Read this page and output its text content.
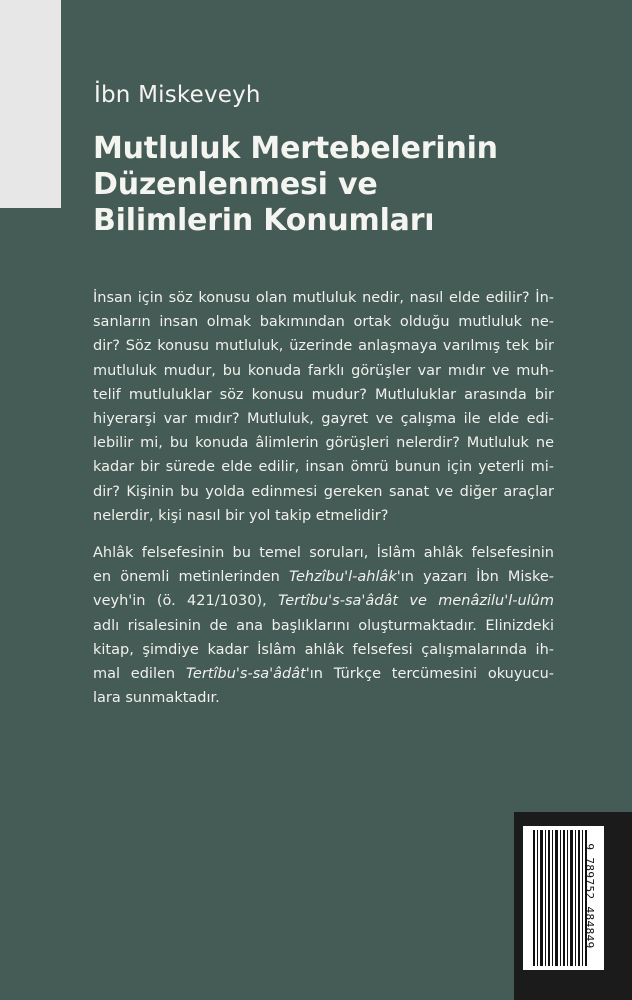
İbn Miskeveyh
Mutluluk Mertebelerinin
Düzenlenmesi ve
Bilimlerin Konumları

İnsan için söz konusu olan mutluluk nedir, nasıl elde edilir? İn-
sanların insan olmak bakımından ortak olduğu mutluluk ne-
dir? Söz konusu mutluluk, üzerinde anlaşmaya varılmış tek bir
mutluluk mudur, bu konuda farklı görüşler var mıdır ve muh-
telif mutluluklar söz konusu mudur? Mutluluklar arasında bir
hiyerarşi var mıdır? Mutluluk, gayret ve çalışma ile elde edi-
lebilir mi, bu konuda âlimlerin görüşleri nelerdir? Mutluluk ne
kadar bir sürede elde edilir, insan ömrü bunun için yeterli mi-
dir? Kişinin bu yolda edinmesi gereken sanat ve diğer araçlar
nelerdir, kişi nasıl bir yol takip etmelidir?

Ahlâk felsefesinin bu temel soruları, İslâm ahlâk felsefesinin
en önemli metinlerinden Tehzîbu'l-ahlâk'ın yazarı İbn Miske-
veyh'in (ö. 421/1030), Tertîbu's-sa'âdât ve menâzilu'l-ulûm
adlı risalesinin de ana başlıklarını oluşturmaktadır. Elinizdeki
kitap, şimdiye kadar İslâm ahlâk felsefesi çalışmalarında ih-
mal edilen Tertîbu's-sa'âdât'ın Türkçe tercümesini okuyucu-
lara sunmaktadır.

9 789752 484849
